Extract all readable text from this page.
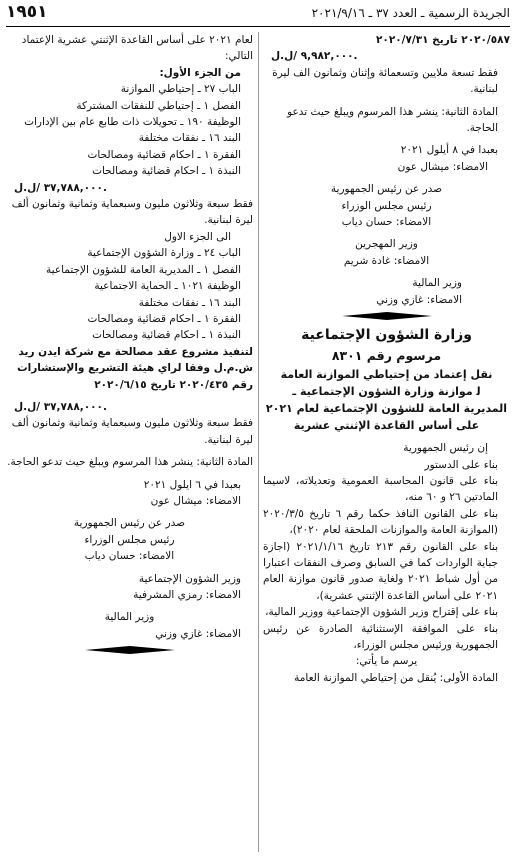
الجريدة الرسمية ـ العدد ٣٧ ـ ٢٠٢١/٩/١٦
١٩٥١

٢٠٢٠/٥٨٧ تاريخ ٢٠٢٠/٧/٣١

٩,٩٨٢,٠٠٠ /ل.ل.

فقط تسعة ملايين وتسعمائة وإثنان وثمانون الف ليرة لبنانية.

المادة الثانية: ينشر هذا المرسوم ويبلغ حيث تدعو الحاجة.

بعبدا في ٨ أيلول ٢٠٢١

الامضاء: ميشال عون

صدر عن رئيس الجمهورية

رئيس مجلس الوزراء

الامضاء: حسان دياب

وزير المهجرين

الامضاء: غادة شريم

وزير المالية

الامضاء: غازي وزني

وزارة الشؤون الإجتماعية
مرسوم رقم ٨٣٠١
نقل إعتماد من إحتياطي الموازنة العامة
ﻟ موازنة وزارة الشؤون الإجتماعية ـ
المديرية العامة للشؤون الإجتماعية لعام ٢٠٢١
على أساس القاعدة الإثنتي عشرية

إن رئيس الجمهورية

بناء على الدستور

بناء على قانون المحاسبة العمومية وتعديلاته، لاسيما المادتين ٢٦ و ٦٠ منه،

بناء على القانون النافذ حكما رقم ٦ تاريخ ٢٠٢٠/٣/٥ (الموازنة العامة والموازنات الملحقة لعام ٢٠٢٠)،

بناء على القانون رقم ٢١٣ تاريخ ٢٠٢١/١/١٦ (اجازة جباية الواردات كما في السابق وصرف النفقات اعتبارا من أول شباط ٢٠٢١ ولغاية صدور قانون موازنة العام ٢٠٢١ على أساس القاعدة الإثنتي عشرية)،

بناء على إقتراح وزير الشؤون الإجتماعية ووزير المالية،

بناء على الموافقة الإستثنائية الصادرة عن رئيس الجمهورية ورئيس مجلس الوزراء،

يرسم ما يأتي:

المادة الأولى: يُنقل من إحتياطي الموازنة العامة

لعام ٢٠٢١ على أساس القاعدة الإثنتي عشرية الإعتماد التالي:

من الجزء الأول:

الباب ٢٧ ـ إحتياطي الموازنة

الفصل ١ ـ إحتياطي للنفقات المشتركة

الوظيفة ١٩٠ ـ تحويلات ذات طابع عام بين الإدارات

البند ١٦ ـ نفقات مختلفة

الفقرة ١ ـ احكام قضائية ومصالحات

النبذة ١ ـ احكام قضائية ومصالحات

٣٧,٧٨٨,٠٠٠ /ل.ل.

فقط سبعة وثلاثون مليون وسبعماية وثمانية وثمانون ألف ليرة لبنانية.

الى الجزء الاول

الباب ٢٤ ـ وزارة الشؤون الإجتماعية

الفصل ١ ـ المديرية العامة للشؤون الإجتماعية

الوظيفة ١٠٢١ ـ الحماية الاجتماعية

البند ١٦ ـ نفقات مختلفة

الفقرة ١ ـ احكام قضائية ومصالحات

النبذة ١ ـ احكام قضائية ومصالحات

لتنفيذ مشروع عقد مصالحة مع شركة ايدن ريد ش.م.ل وفقا لراي هيئة التشريع والإستشارات رقم ٢٠٢٠/٤٣٥ تاريخ ٢٠٢٠/٦/١٥

٣٧,٧٨٨,٠٠٠ /ل.ل.

فقط سبعة وثلاثون مليون وسبعماية وثمانية وثمانون ألف ليرة لبنانية.

المادة الثانية: ينشر هذا المرسوم ويبلغ حيث تدعو الحاجة.

بعبدا في ٦ ايلول ٢٠٢١

الامضاء: ميشال عون

صدر عن رئيس الجمهورية

رئيس مجلس الوزراء

الامضاء: حسان دياب

وزير الشؤون الإجتماعية

الامضاء: رمزي المشرفية

وزير المالية

الامضاء: غازي وزني
